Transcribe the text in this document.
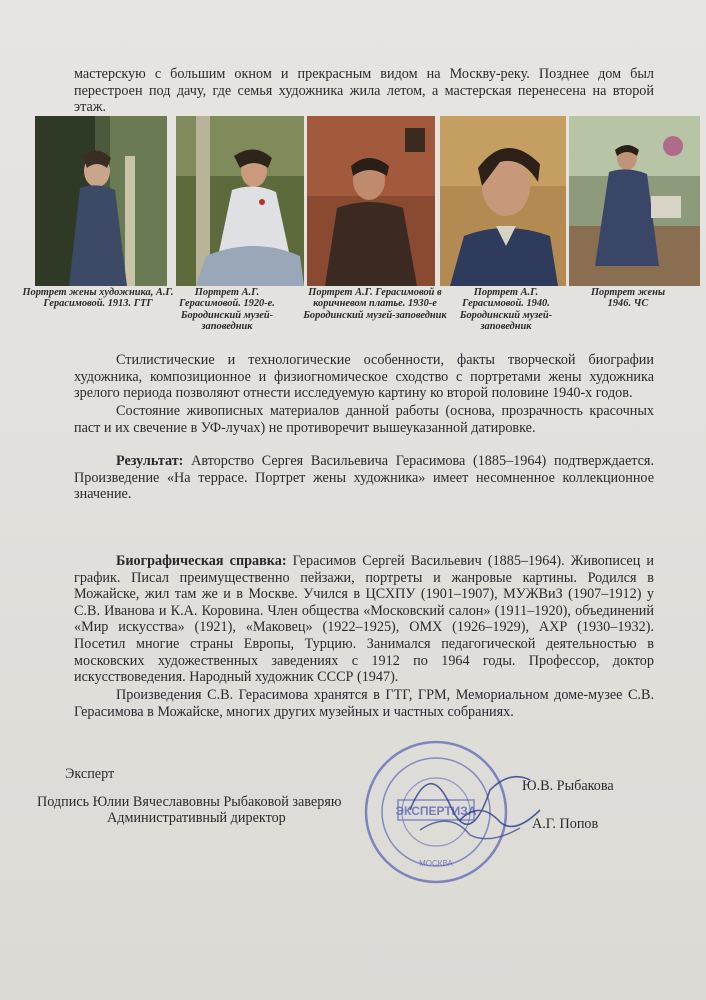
мастерскую с большим окном и прекрасным видом на Москву-реку. Позднее дом был перестроен под дачу, где семья художника жила летом, а мастерская перенесена на второй этаж.

Портрет жены художника, А.Г. Герасимовой. 1913. ГТГ

Портрет А.Г. Герасимовой. 1920-е. Бородинский музей-заповедник

Портрет А.Г. Герасимовой в коричневом платье. 1930-е Бородинский музей-заповедник

Портрет А.Г. Герасимовой. 1940. Бородинский музей-заповедник

Портрет жены 1946. ЧС

Стилистические и технологические особенности, факты творческой биографии художника, композиционное и физиогномическое сходство с портретами жены художника зрелого периода позволяют отнести исследуемую картину ко второй половине 1940-х годов.

Состояние живописных материалов данной работы (основа, прозрачность красочных паст и их свечение в УФ-лучах) не противоречит вышеуказанной датировке.

Результат: Авторство Сергея Васильевича Герасимова (1885–1964) подтверждается. Произведение «На террасе. Портрет жены художника» имеет несомненное коллекционное значение.

Биографическая справка: Герасимов Сергей Васильевич (1885–1964). Живописец и график. Писал преимущественно пейзажи, портреты и жанровые картины. Родился в Можайске, жил там же и в Москве. Учился в ЦСХПУ (1901–1907), МУЖВиЗ (1907–1912) у С.В. Иванова и К.А. Коровина. Член общества «Московский салон» (1911–1920), объединений «Мир искусства» (1921), «Маковец» (1922–1925), ОМХ (1926–1929), АХР (1930–1932). Посетил многие страны Европы, Турцию. Занимался педагогической деятельностью в московских художественных заведениях с 1912 по 1964 годы. Профессор, доктор искусствоведения. Народный художник СССР (1947).

Произведения С.В. Герасимова хранятся в ГТГ, ГРМ, Мемориальном доме-музее С.В. Герасимова в Можайске, многих других музейных и частных собраниях.

Эксперт

Ю.В. Рыбакова

Подпись Юлии Вячеславовны Рыбаковой заверяю

Административный директор	А.Г. Попов

ЭКСПЕРТИЗА
МОСКВА
